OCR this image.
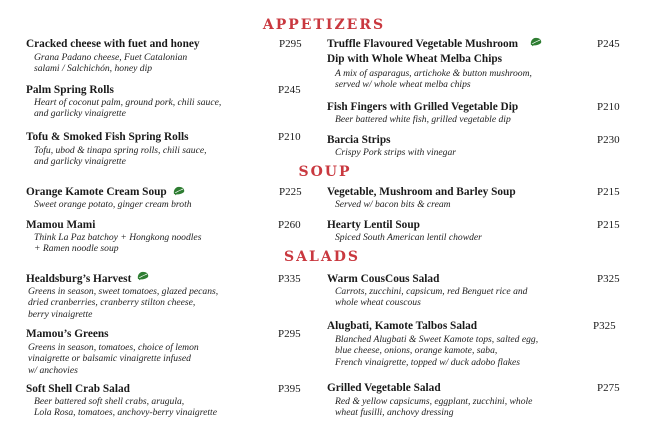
APPETIZERS
SOUP
SALADS
Cracked cheese with fuet and honey	P295
Grana Padano cheese, Fuet Catalonian
salami / Salchichón, honey dip
Palm Spring Rolls	P245
Heart of coconut palm, ground pork, chili sauce,
and garlicky vinaigrette
Tofu & Smoked Fish Spring Rolls	P210
Tofu, ubod & tinapa spring rolls, chili sauce,
and garlicky vinaigrette
Orange Kamote Cream Soup	P225
Sweet orange potato, ginger cream broth
Mamou Mami	P260
Think La Paz batchoy + Hongkong noodles
+ Ramen noodle soup
Healdsburg’s Harvest	P335
Greens in season, sweet tomatoes, glazed pecans,
dried cranberries, cranberry stilton cheese,
berry vinaigrette
Mamou’s Greens	P295
Greens in season, tomatoes, choice of lemon
vinaigrette or balsamic vinaigrette infused
w/ anchovies
Soft Shell Crab Salad	P395
Beer battered soft shell crabs, arugula,
Lola Rosa, tomatoes, anchovy-berry vinaigrette
Truffle Flavoured Vegetable Mushroom
Dip with Whole Wheat Melba Chips
P245
A mix of asparagus, artichoke & button mushroom,
served w/ whole wheat melba chips
Fish Fingers with Grilled Vegetable Dip	P210
Beer battered white fish, grilled vegetable dip
Barcia Strips	P230
Crispy Pork strips with vinegar
Vegetable, Mushroom and Barley Soup	P215
Served w/ bacon bits & cream
Hearty Lentil Soup	P215
Spiced South American lentil chowder
Warm CousCous Salad	P325
Carrots, zucchini, capsicum, red Benguet rice and
whole wheat couscous
Alugbati, Kamote Talbos Salad	P325
Blanched Alugbati & Sweet Kamote tops, salted egg,
blue cheese, onions, orange kamote, saba,
French vinaigrette, topped w/ duck adobo flakes
Grilled Vegetable Salad	P275
Red & yellow capsicums, eggplant, zucchini, whole
wheat fusilli, anchovy dressing
